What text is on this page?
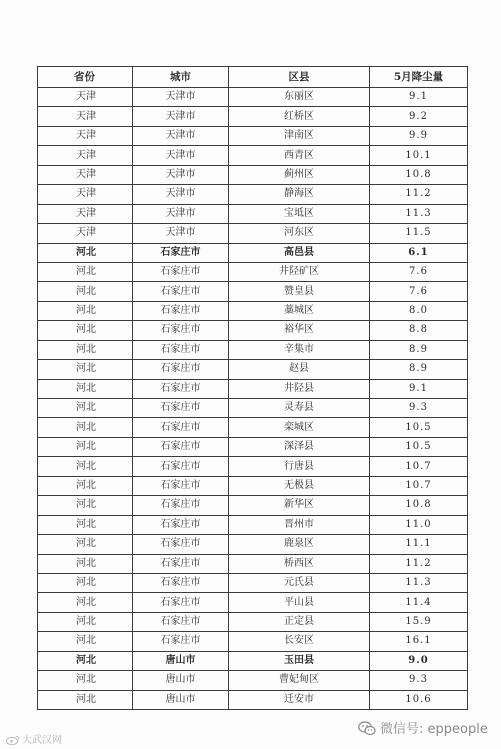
省份	城市	区县	5月降尘量
天津	天津市	东丽区	9.1
天津	天津市	红桥区	9.2
天津	天津市	津南区	9.9
天津	天津市	西青区	10.1
天津	天津市	蓟州区	10.8
天津	天津市	静海区	11.2
天津	天津市	宝坻区	11.3
天津	天津市	河东区	11.5
河北	石家庄市	高邑县	6.1
河北	石家庄市	井陉矿区	7.6
河北	石家庄市	赞皇县	7.6
河北	石家庄市	藁城区	8.0
河北	石家庄市	裕华区	8.8
河北	石家庄市	辛集市	8.9
河北	石家庄市	赵县	8.9
河北	石家庄市	井陉县	9.1
河北	石家庄市	灵寿县	9.3
河北	石家庄市	栾城区	10.5
河北	石家庄市	深泽县	10.5
河北	石家庄市	行唐县	10.7
河北	石家庄市	无极县	10.7
河北	石家庄市	新华区	10.8
河北	石家庄市	晋州市	11.0
河北	石家庄市	鹿泉区	11.1
河北	石家庄市	桥西区	11.2
河北	石家庄市	元氏县	11.3
河北	石家庄市	平山县	11.4
河北	石家庄市	正定县	15.9
河北	石家庄市	长安区	16.1
河北	唐山市	玉田县	9.0
河北	唐山市	曹妃甸区	9.3
河北	唐山市	迁安市	10.6
大武汉网
微信号: eppeople
